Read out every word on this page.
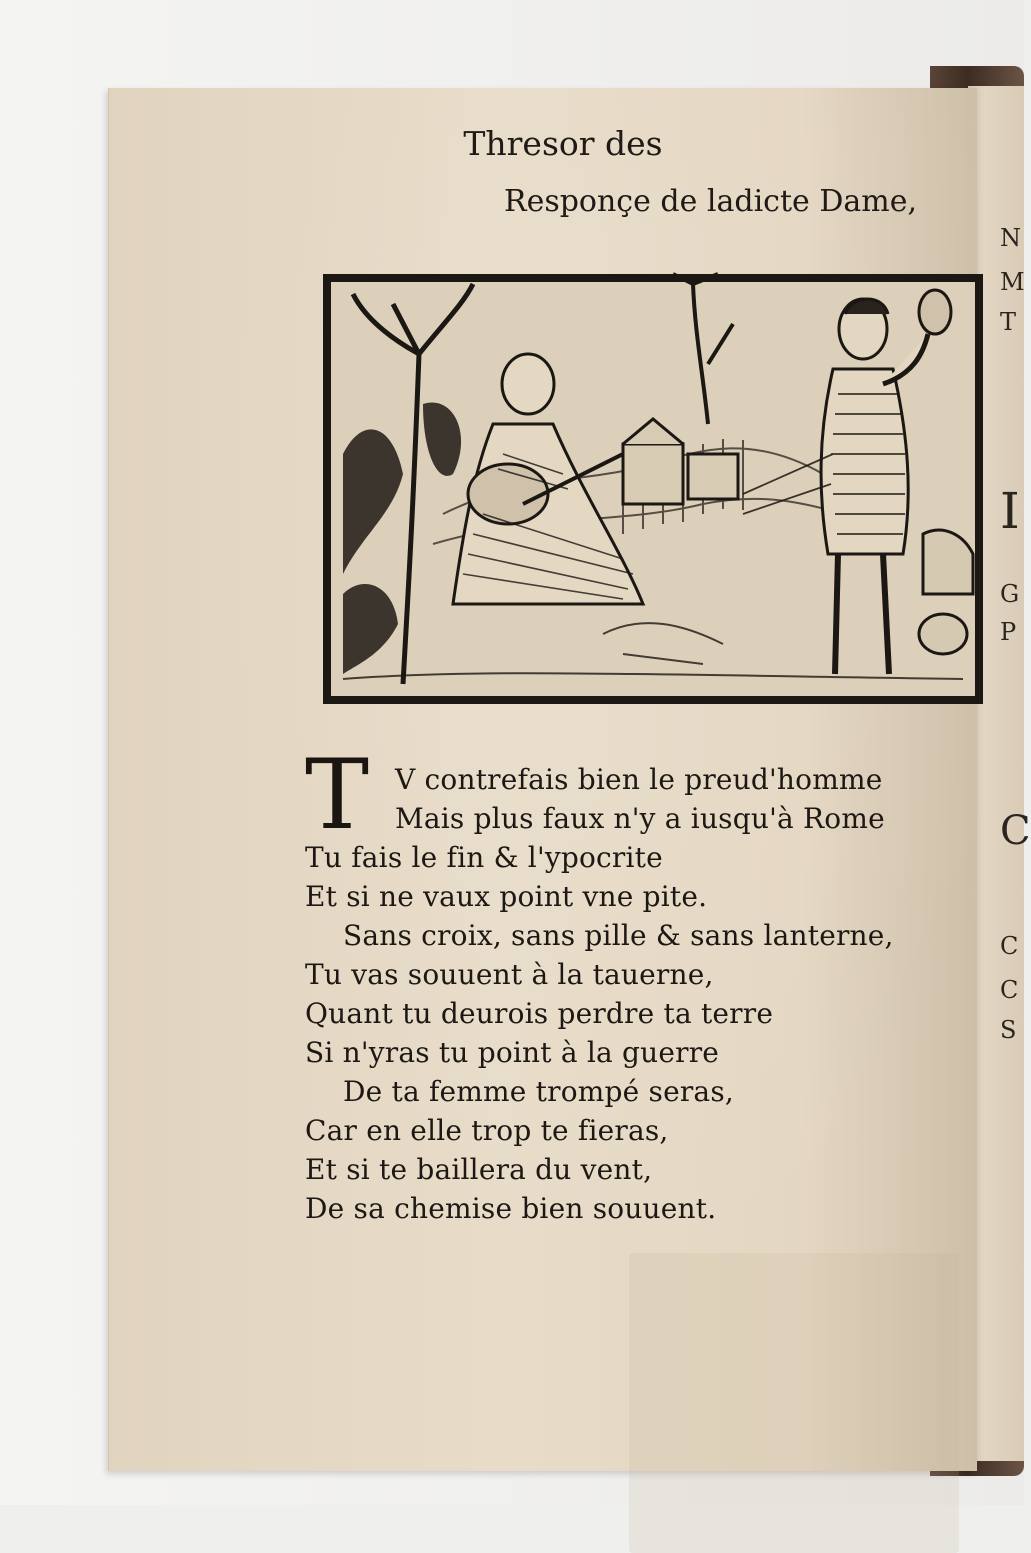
N
M
T
I
G
P
C
C
C
S
Thresor des
Responçe de ladicte Dame,
T V contrefais bien le preud'homme
Mais plus faux n'y a iusqu'à Rome
Tu fais le fin & l'ypocrite
Et si ne vaux point vne pite.
Sans croix, sans pille & sans lanterne,
Tu vas souuent à la tauerne,
Quant tu deurois perdre ta terre
Si n'yras tu point à la guerre
De ta femme trompé seras,
Car en elle trop te fieras,
Et si te baillera du vent,
De sa chemise bien souuent.
